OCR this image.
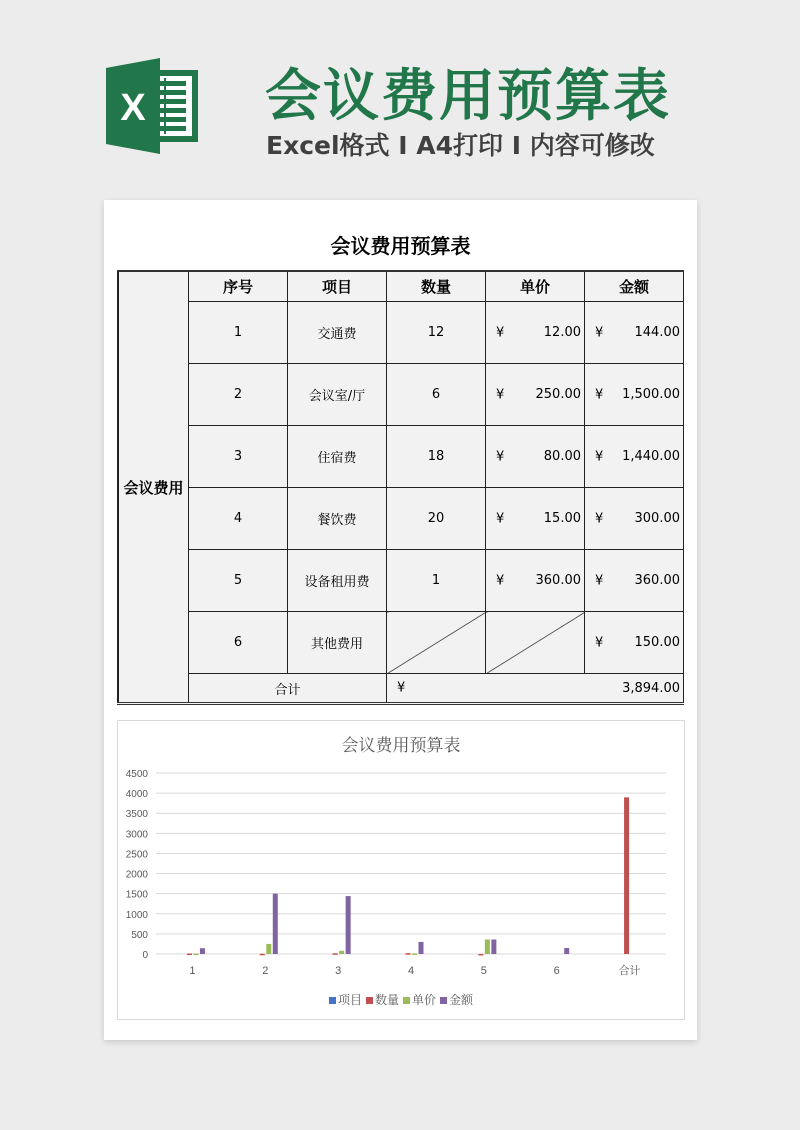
X 会议费用预算表
Excel格式 I A4打印 I 内容可修改
会议费用预算表
会议费用	序号	项目	数量	单价	金额
	1	交通费	12	¥ 12.00	¥ 144.00
	2	会议室/厅	6	¥ 250.00	¥ 1,500.00
	3	住宿费	18	¥ 80.00	¥ 1,440.00
	4	餐饮费	20	¥ 15.00	¥ 300.00
	5	设备租用费	1	¥ 360.00	¥ 360.00
	6	其他费用			¥ 150.00
	合计		¥ 3,894.00		
会议费用预算表
4500
4000
3500
3000
2500
2000
1500
1000
500
0
1	2	3	4	5	6	合计
项目 数量 单价 金额
